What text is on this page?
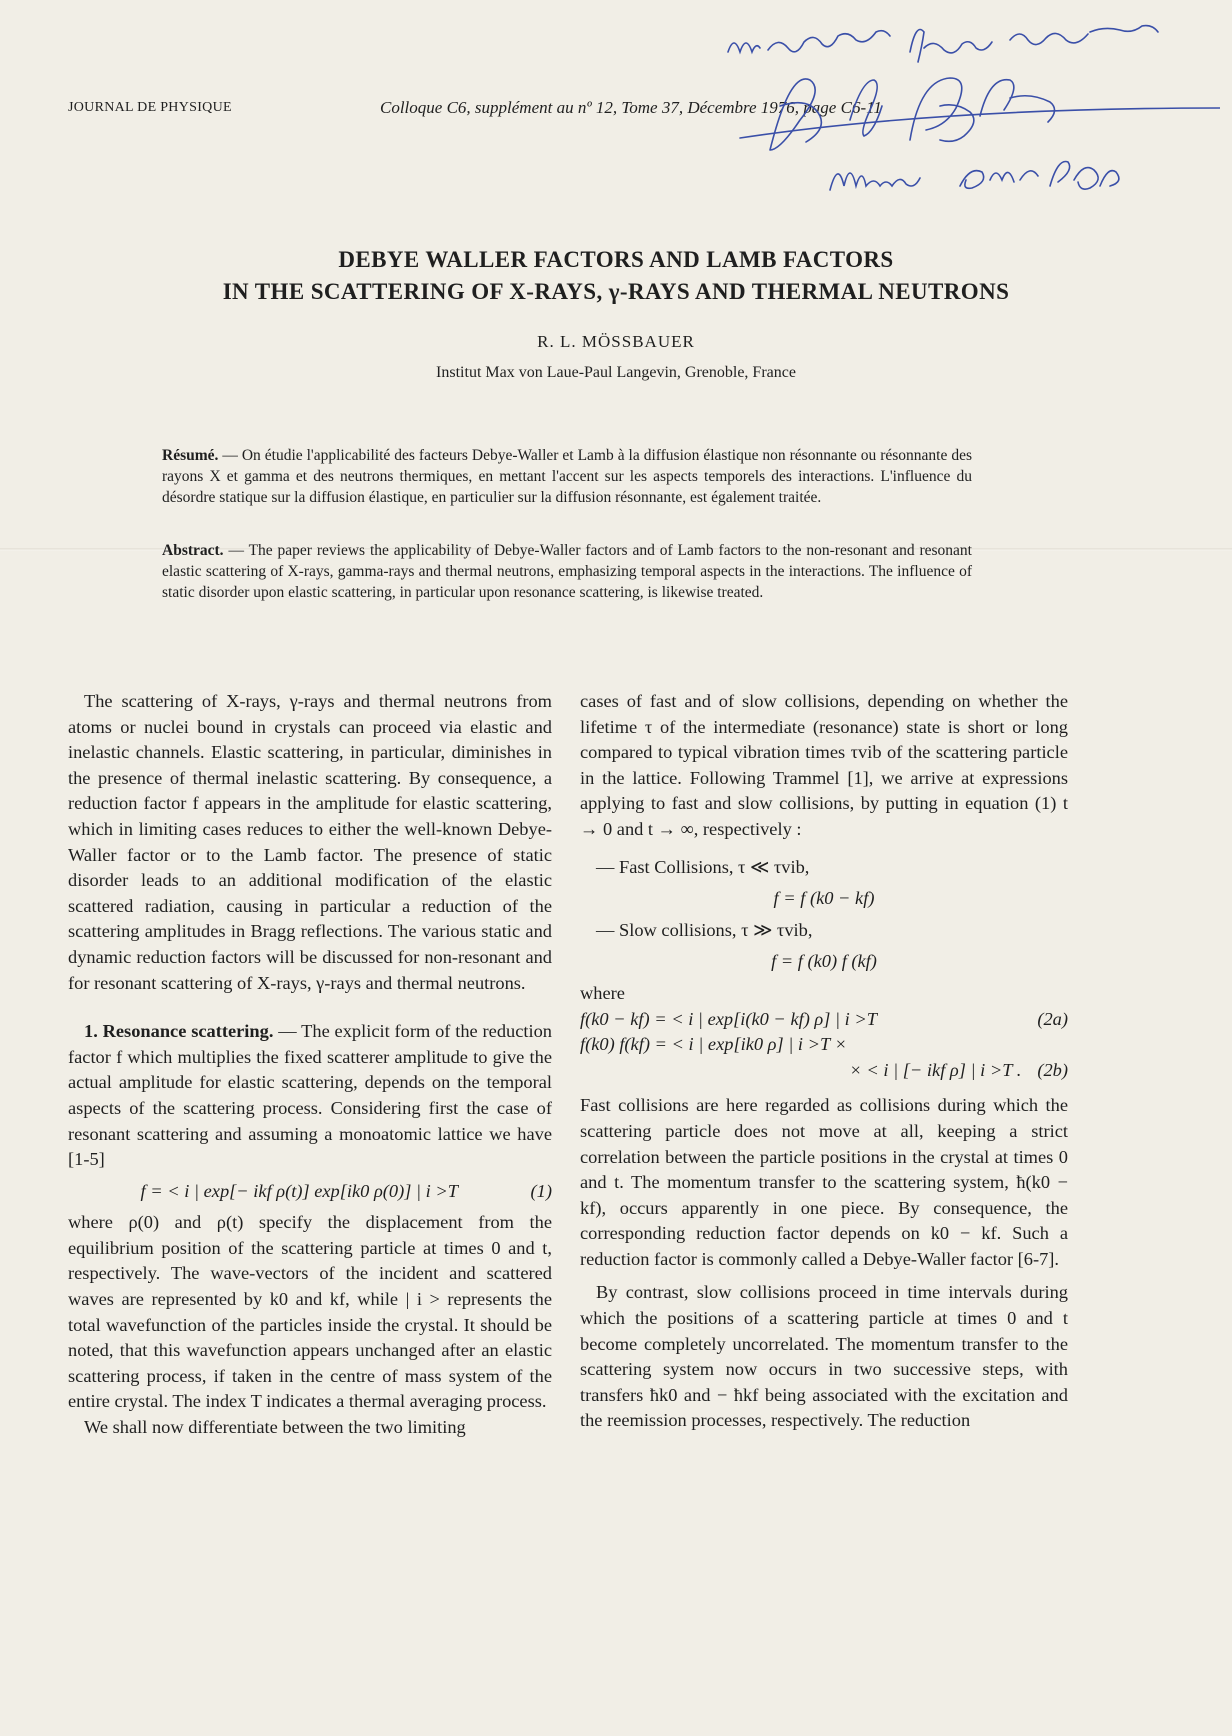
JOURNAL DE PHYSIQUE	Colloque C6, supplément au nº 12, Tome 37, Décembre 1976, page C6-11
DEBYE WALLER FACTORS AND LAMB FACTORS
IN THE SCATTERING OF X-RAYS, γ-RAYS AND THERMAL NEUTRONS
R. L. MÖSSBAUER
Institut Max von Laue-Paul Langevin, Grenoble, France
Résumé. — On étudie l'applicabilité des facteurs Debye-Waller et Lamb à la diffusion élastique non résonnante ou résonnante des rayons X et gamma et des neutrons thermiques, en mettant l'accent sur les aspects temporels des interactions. L'influence du désordre statique sur la diffusion élastique, en particulier sur la diffusion résonnante, est également traitée.
Abstract. — The paper reviews the applicability of Debye-Waller factors and of Lamb factors to the non-resonant and resonant elastic scattering of X-rays, gamma-rays and thermal neutrons, emphasizing temporal aspects in the interactions. The influence of static disorder upon elastic scattering, in particular upon resonance scattering, is likewise treated.

The scattering of X-rays, γ-rays and thermal neutrons from atoms or nuclei bound in crystals can proceed via elastic and inelastic channels. Elastic scattering, in particular, diminishes in the presence of thermal inelastic scattering. By consequence, a reduction factor f appears in the amplitude for elastic scattering, which in limiting cases reduces to either the well-known Debye-Waller factor or to the Lamb factor. The presence of static disorder leads to an additional modification of the elastic scattered radiation, causing in particular a reduction of the scattering amplitudes in Bragg reflections. The various static and dynamic reduction factors will be discussed for non-resonant and for resonant scattering of X-rays, γ-rays and thermal neutrons.

1. Resonance scattering. — The explicit form of the reduction factor f which multiplies the fixed scatterer amplitude to give the actual amplitude for elastic scattering, depends on the temporal aspects of the scattering process. Considering first the case of resonant scattering and assuming a monoatomic lattice we have [1-5]

f = < i | exp[− ikf ρ(t)] exp[ik0 ρ(0)] | i >T	(1)

where ρ(0) and ρ(t) specify the displacement from the equilibrium position of the scattering particle at times 0 and t, respectively. The wave-vectors of the incident and scattered waves are represented by k0 and kf, while | i > represents the total wavefunction of the particles inside the crystal. It should be noted, that this wavefunction appears unchanged after an elastic scattering process, if taken in the centre of mass system of the entire crystal. The index T indicates a thermal averaging process.

We shall now differentiate between the two limiting

cases of fast and of slow collisions, depending on whether the lifetime τ of the intermediate (resonance) state is short or long compared to typical vibration times τvib of the scattering particle in the lattice. Following Trammel [1], we arrive at expressions applying to fast and slow collisions, by putting in equation (1) t → 0 and t → ∞, respectively :

— Fast Collisions, τ ≪ τvib,

f = f (k0 − kf)

— Slow collisions, τ ≫ τvib,

f = f (k0) f (kf)

where

f(k0 − kf) = < i | exp[i(k0 − kf) ρ] | i >T	(2a)
f(k0) f(kf) = < i | exp[ik0 ρ] | i >T ×
× < i | [− ikf ρ] | i >T . (2b)

Fast collisions are here regarded as collisions during which the scattering particle does not move at all, keeping a strict correlation between the particle positions in the crystal at times 0 and t. The momentum transfer to the scattering system, ħ(k0 − kf), occurs apparently in one piece. By consequence, the corresponding reduction factor depends on k0 − kf. Such a reduction factor is commonly called a Debye-Waller factor [6-7].

By contrast, slow collisions proceed in time intervals during which the positions of a scattering particle at times 0 and t become completely uncorrelated. The momentum transfer to the scattering system now occurs in two successive steps, with transfers ħk0 and − ħkf being associated with the excitation and the reemission processes, respectively. The reduction
